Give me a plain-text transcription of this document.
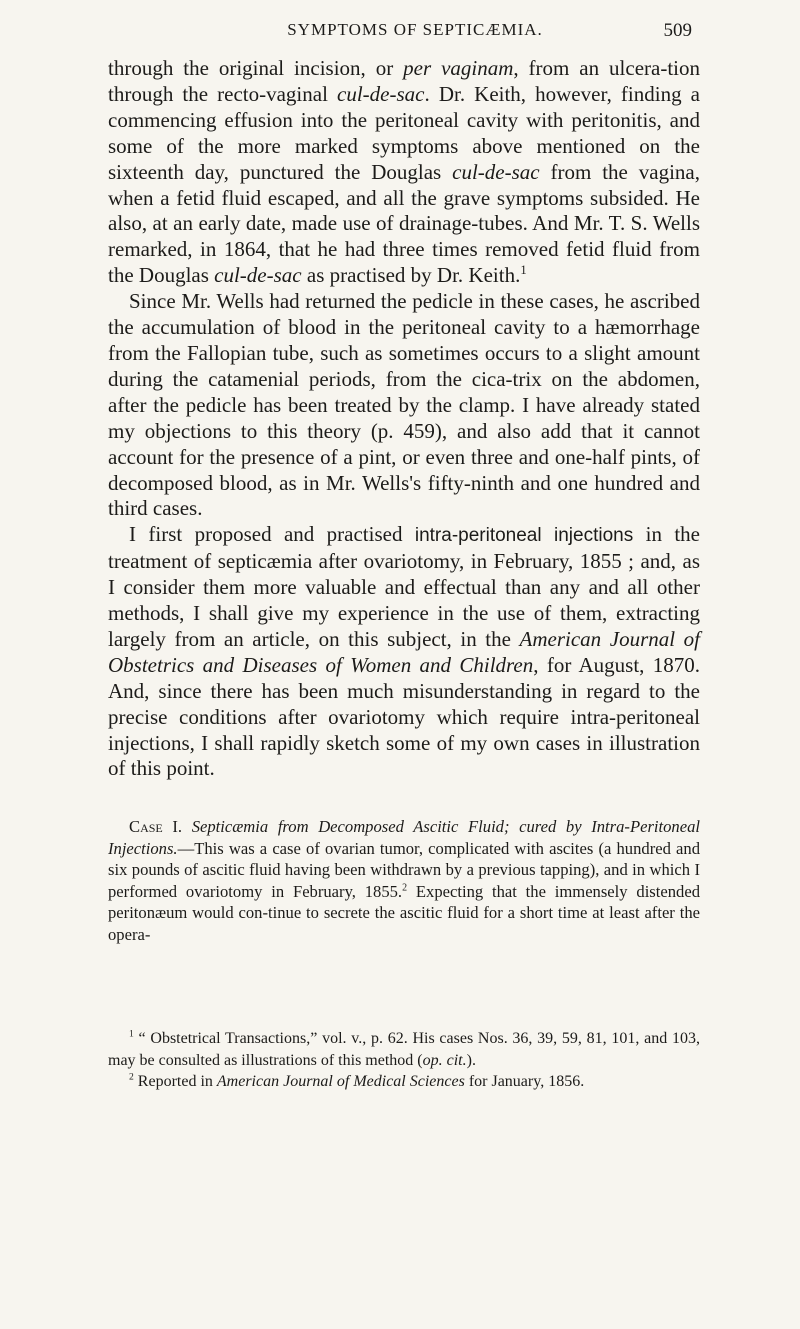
SYMPTOMS OF SEPTICÆMIA.	509

through the original incision, or per vaginam, from an ulcera-tion through the recto-vaginal cul-de-sac. Dr. Keith, however, finding a commencing effusion into the peritoneal cavity with peritonitis, and some of the more marked symptoms above mentioned on the sixteenth day, punctured the Douglas cul-de-sac from the vagina, when a fetid fluid escaped, and all the grave symptoms subsided. He also, at an early date, made use of drainage-tubes. And Mr. T. S. Wells remarked, in 1864, that he had three times removed fetid fluid from the Douglas cul-de-sac as practised by Dr. Keith.$^1$

Since Mr. Wells had returned the pedicle in these cases, he ascribed the accumulation of blood in the peritoneal cavity to a hæmorrhage from the Fallopian tube, such as sometimes occurs to a slight amount during the catamenial periods, from the cica-trix on the abdomen, after the pedicle has been treated by the clamp. I have already stated my objections to this theory (p. 459), and also add that it cannot account for the presence of a pint, or even three and one-half pints, of decomposed blood, as in Mr. Wells's fifty-ninth and one hundred and third cases.

I first proposed and practised intra-peritoneal injections in the treatment of septicæmia after ovariotomy, in February, 1855 ; and, as I consider them more valuable and effectual than any and all other methods, I shall give my experience in the use of them, extracting largely from an article, on this subject, in the American Journal of Obstetrics and Diseases of Women and Children, for August, 1870. And, since there has been much misunderstanding in regard to the precise conditions after ovariotomy which require intra-peritoneal injections, I shall rapidly sketch some of my own cases in illustration of this point.

Case I. Septicæmia from Decomposed Ascitic Fluid; cured by Intra-Peritoneal Injections.—This was a case of ovarian tumor, complicated with ascites (a hundred and six pounds of ascitic fluid having been withdrawn by a previous tapping), and in which I performed ovariotomy in February, 1855.$^2$ Expecting that the immensely distended peritonæum would con-tinue to secrete the ascitic fluid for a short time at least after the opera-

$^1$ “ Obstetrical Transactions,” vol. v., p. 62. His cases Nos. 36, 39, 59, 81, 101, and 103, may be consulted as illustrations of this method (op. cit.).

$^2$ Reported in American Journal of Medical Sciences for January, 1856.
